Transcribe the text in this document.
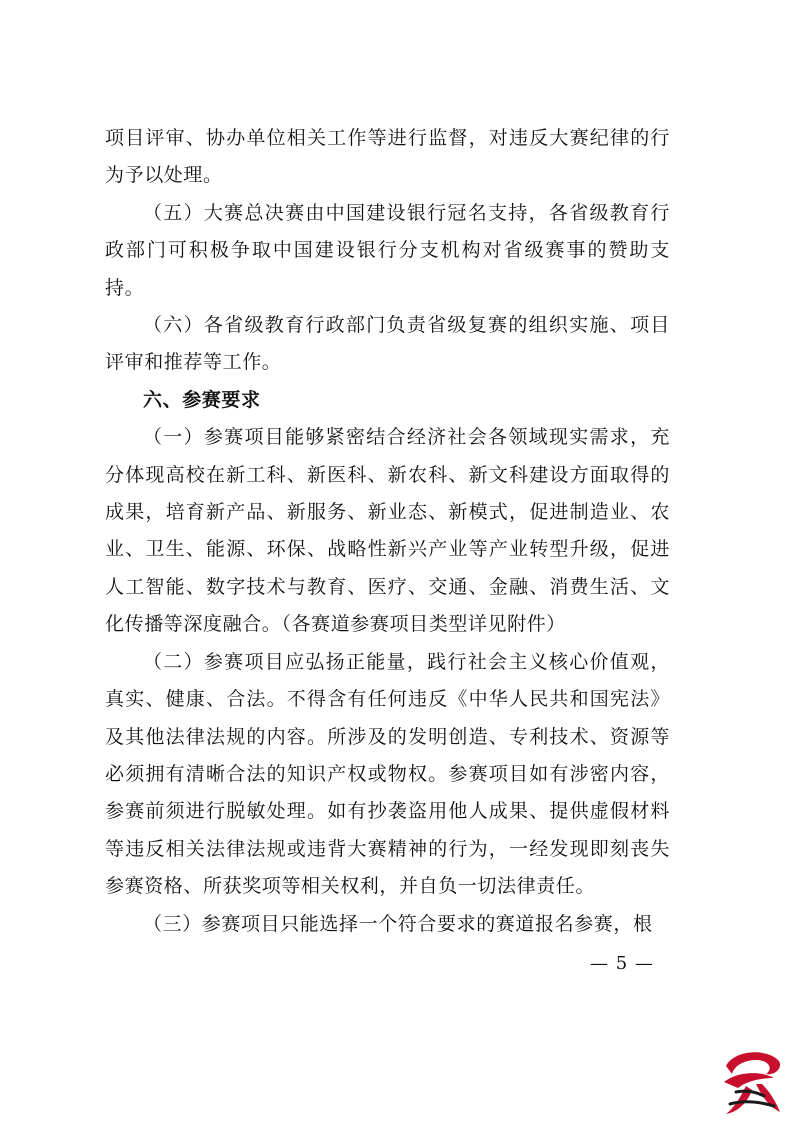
项目评审、协办单位相关工作等进行监督，对违反大赛纪律的行为予以处理。

（五）大赛总决赛由中国建设银行冠名支持，各省级教育行政部门可积极争取中国建设银行分支机构对省级赛事的赞助支持。

（六）各省级教育行政部门负责省级复赛的组织实施、项目评审和推荐等工作。

六、参赛要求

（一）参赛项目能够紧密结合经济社会各领域现实需求，充分体现高校在新工科、新医科、新农科、新文科建设方面取得的成果，培育新产品、新服务、新业态、新模式，促进制造业、农业、卫生、能源、环保、战略性新兴产业等产业转型升级，促进人工智能、数字技术与教育、医疗、交通、金融、消费生活、文化传播等深度融合。（各赛道参赛项目类型详见附件）

（二）参赛项目应弘扬正能量，践行社会主义核心价值观，真实、健康、合法。不得含有任何违反《中华人民共和国宪法》及其他法律法规的内容。所涉及的发明创造、专利技术、资源等必须拥有清晰合法的知识产权或物权。参赛项目如有涉密内容，参赛前须进行脱敏处理。如有抄袭盗用他人成果、提供虚假材料等违反相关法律法规或违背大赛精神的行为，一经发现即刻丧失参赛资格、所获奖项等相关权利，并自负一切法律责任。

（三）参赛项目只能选择一个符合要求的赛道报名参赛，根

— 5 —
